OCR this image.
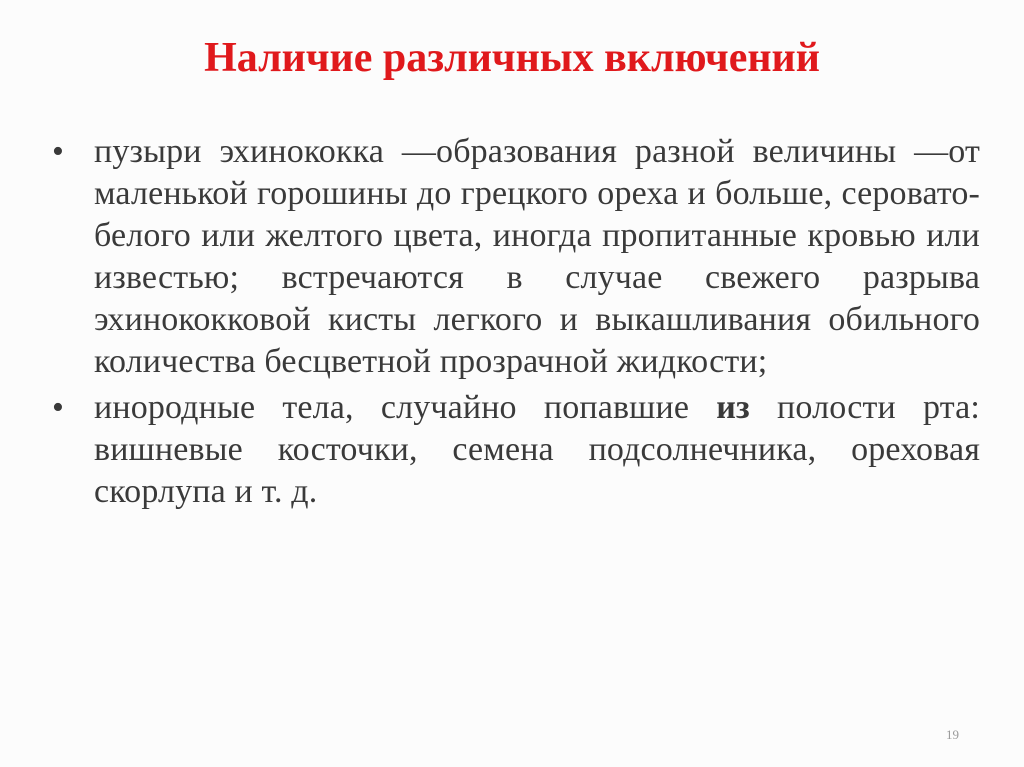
Наличие различных включений
• пузыри эхинококка —образования разной величины —от маленькой горошины до грецкого ореха и больше, серовато- белого или желтого цвета, иногда пропитанные кровью или известью; встречаются в случае свежего разрыва эхинококковой кисты легкого и выкашливания обильного количества бесцветной прозрачной жидкости;
• инородные тела, случайно попавшие из полости рта: вишневые косточки, семена подсолнечника, ореховая скорлупа и т. д.
19
